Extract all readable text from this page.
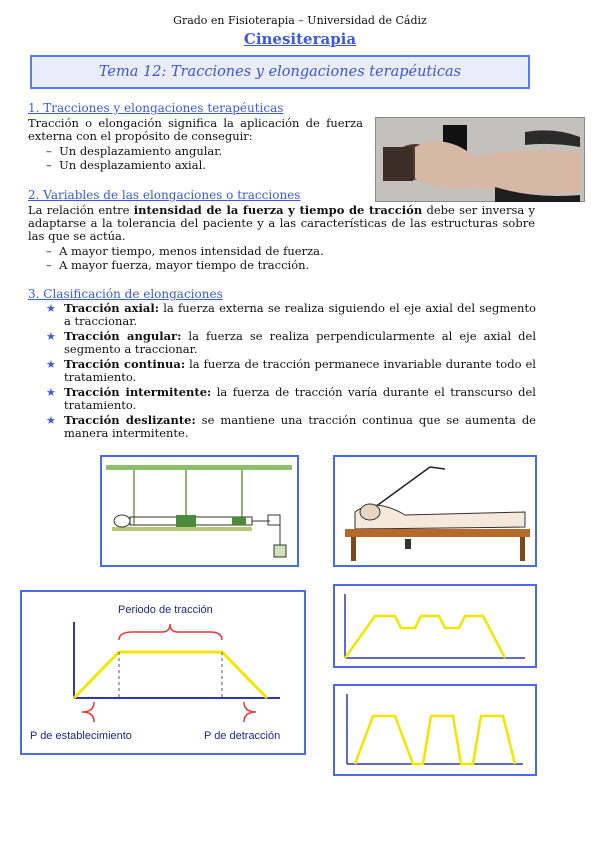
Grado en Fisioterapia – Universidad de Cádiz
Cinesiterapia
Tema 12: Tracciones y elongaciones terapéuticas
1. Tracciones y elongaciones terapéuticas
Tracción o elongación significa la aplicación de fuerza externa con el propósito de conseguir:
–  Un desplazamiento angular.
–  Un desplazamiento axial.
2. Variables de las elongaciones o tracciones
La relación entre intensidad de la fuerza y tiempo de tracción debe ser inversa y adaptarse a la tolerancia del paciente y a las características de las estructuras sobre las que se actúa.
–  A mayor tiempo, menos intensidad de fuerza.
–  A mayor fuerza, mayor tiempo de tracción.
3. Clasificación de elongaciones
★ Tracción axial: la fuerza externa se realiza siguiendo el eje axial del segmento a traccionar.
★ Tracción angular: la fuerza se realiza perpendicularmente al eje axial del segmento a traccionar.
★ Tracción continua: la fuerza de tracción permanece invariable durante todo el tratamiento.
★ Tracción intermitente: la fuerza de tracción varía durante el transcurso del tratamiento.
★ Tracción deslizante: se mantiene una tracción continua que se aumenta de manera intermitente.
Periodo de tracción
P de establecimiento	P de detracción
